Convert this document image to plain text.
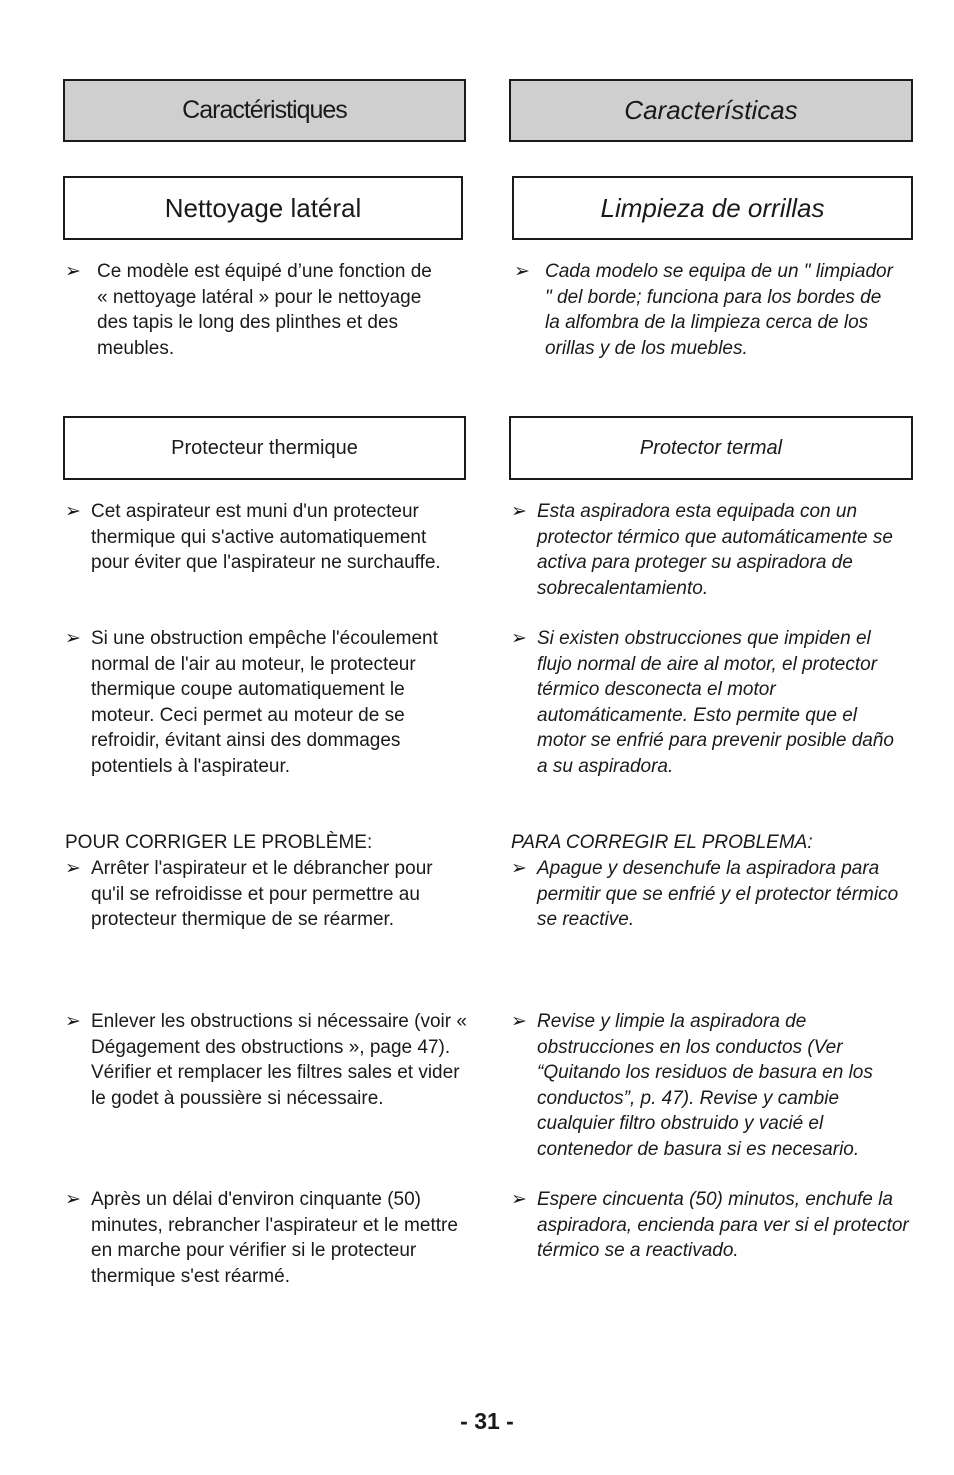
Caractéristiques
Nettoyage latéral
➢ Ce modèle est équipé d’une fonction de « nettoyage latéral » pour le nettoyage des tapis le long des plinthes et des meubles.
Protecteur thermique
➢ Cet aspirateur est muni d'un protecteur thermique qui s'active automatiquement pour éviter que l'aspirateur ne surchauffe.
➢ Si une obstruction empêche l'écoulement normal de l'air au moteur, le protecteur thermique coupe automatiquement le moteur. Ceci permet au moteur de se refroidir, évitant ainsi des dommages potentiels à l'aspirateur.
POUR CORRIGER LE PROBLÈME:
➢ Arrêter l'aspirateur et le débrancher pour qu'il se refroidisse et pour permettre au protecteur thermique de se réarmer.
➢ Enlever les obstructions si nécessaire (voir « Dégagement des obstructions », page 47). Vérifier et remplacer les filtres sales et vider le godet à poussière si nécessaire.
➢ Après un délai d'environ cinquante (50) minutes, rebrancher l'aspirateur et le mettre en marche pour vérifier si le protecteur thermique s'est réarmé.
Características
Limpieza de orrillas
➢ Cada modelo se equipa de un " limpiador " del borde; funciona para los bordes de la alfombra de la limpieza cerca de los orillas y de los muebles.
Protector termal
➢ Esta aspiradora esta equipada con un protector térmico que automáticamente se activa para proteger su aspiradora de sobrecalentamiento.
➢ Si existen obstrucciones que impiden el flujo normal de aire al motor, el protector térmico desconecta el motor automáticamente. Esto permite que el motor se enfrié para prevenir posible daño a su aspiradora.
PARA CORREGIR EL PROBLEMA:
➢ Apague y desenchufe la aspiradora para permitir que se enfrié y el protector térmico se reactive.
➢ Revise y limpie la aspiradora de obstrucciones en los conductos (Ver “Quitando los residuos de basura en los conductos”, p. 47). Revise y cambie cualquier filtro obstruido y vacié el contenedor de basura si es necesario.
➢ Espere cincuenta (50) minutos, enchufe la aspiradora, encienda para ver si el protector térmico se a reactivado.
- 31 -
